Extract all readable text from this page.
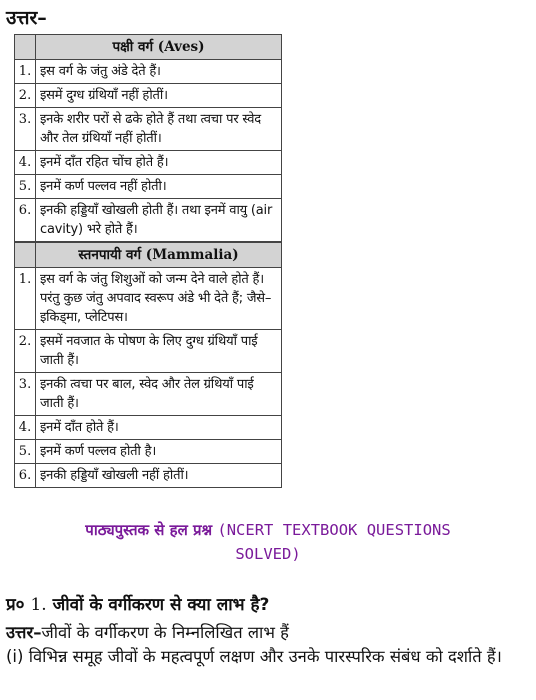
उत्तर–
	पक्षी वर्ग (Aves)
1.	इस वर्ग के जंतु अंडे देते हैं।
2.	इसमें दुग्ध ग्रंथियाँ नहीं होतीं।
3.	इनके शरीर परों से ढके होते हैं तथा त्वचा पर स्वेद और तेल ग्रंथियाँ नहीं होतीं।
4.	इनमें दाँत रहित चोंच होते हैं।
5.	इनमें कर्ण पल्लव नहीं होती।
6.	इनकी हड्डियाँ खोखली होती हैं। तथा इनमें वायु (air cavity) भरे होते हैं।
	स्तनपायी वर्ग (Mammalia)
1.	इस वर्ग के जंतु शिशुओं को जन्म देने वाले होते हैं। परंतु कुछ जंतु अपवाद स्वरूप अंडे भी देते हैं; जैसे–इकिड्मा, प्लेटिपस।
2.	इसमें नवजात के पोषण के लिए दुग्ध ग्रंथियाँ पाई जाती हैं।
3.	इनकी त्वचा पर बाल, स्वेद और तेल ग्रंथियाँ पाई जाती हैं।
4.	इनमें दाँत होते हैं।
5.	इनमें कर्ण पल्लव होती है।
6.	इनकी हड्डियाँ खोखली नहीं होतीं।
पाठ्यपुस्तक से हल प्रश्न (NCERT TEXTBOOK QUESTIONS
SOLVED)
प्र० 1. जीवों के वर्गीकरण से क्या लाभ है?
उत्तर–जीवों के वर्गीकरण के निम्नलिखित लाभ हैं
(i) विभिन्न समूह जीवों के महत्वपूर्ण लक्षण और उनके पारस्परिक संबंध को दर्शाते हैं।
